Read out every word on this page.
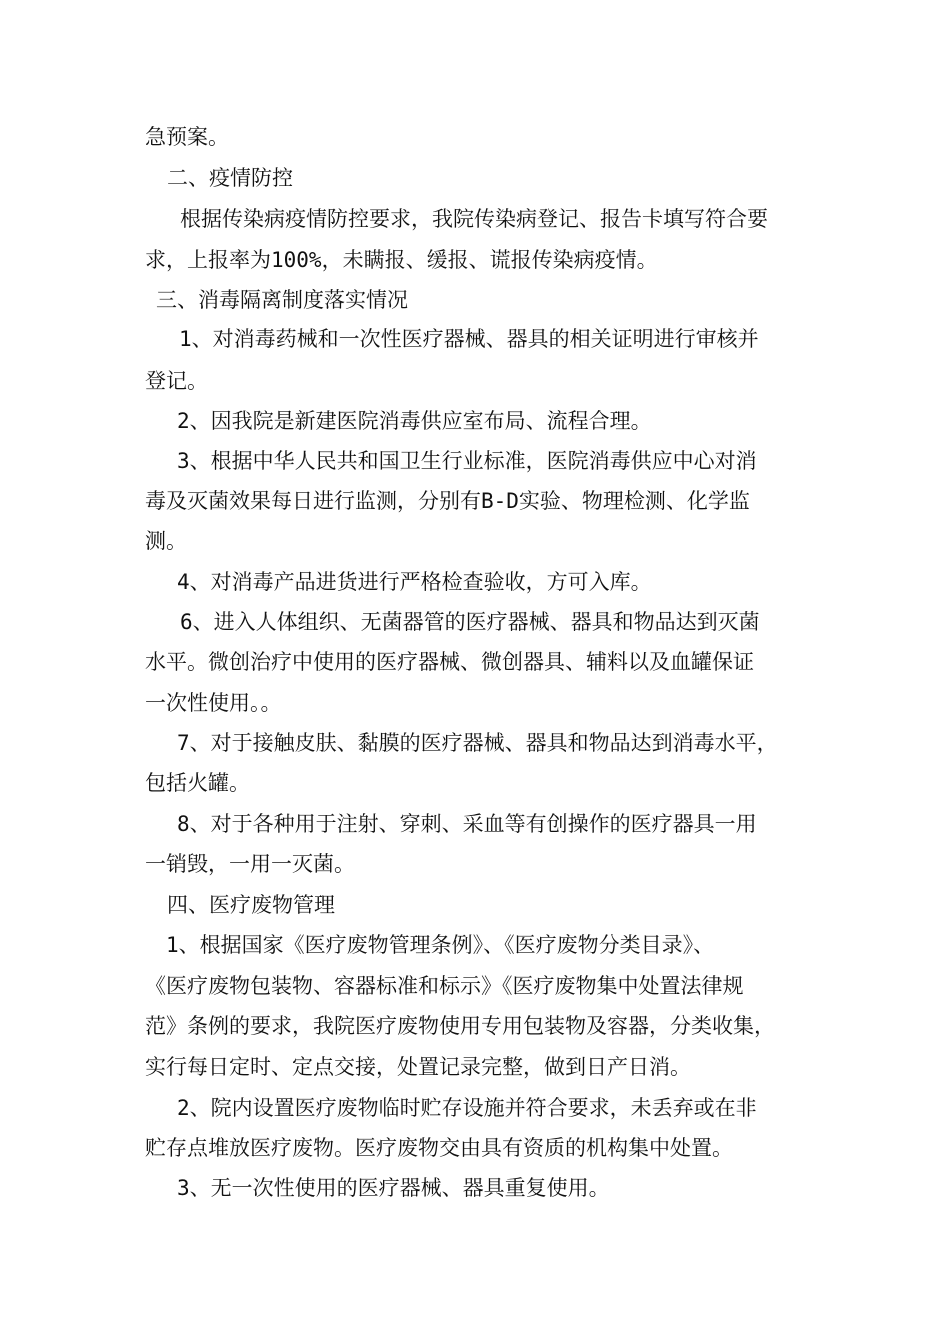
急预案。
二、疫情防控
根据传染病疫情防控要求，我院传染病登记、报告卡填写符合要
求，上报率为100%，未瞒报、缓报、谎报传染病疫情。
三、消毒隔离制度落实情况
1、对消毒药械和一次性医疗器械、器具的相关证明进行审核并
登记。
2、因我院是新建医院消毒供应室布局、流程合理。
3、根据中华人民共和国卫生行业标准，医院消毒供应中心对消
毒及灭菌效果每日进行监测，分别有B-D实验、物理检测、化学监
测。
4、对消毒产品进货进行严格检查验收，方可入库。
6、进入人体组织、无菌器管的医疗器械、器具和物品达到灭菌
水平。微创治疗中使用的医疗器械、微创器具、辅料以及血罐保证
一次性使用。。
7、对于接触皮肤、黏膜的医疗器械、器具和物品达到消毒水平，
包括火罐。
8、对于各种用于注射、穿刺、采血等有创操作的医疗器具一用
一销毁，一用一灭菌。
四、医疗废物管理
1、根据国家《医疗废物管理条例》、《医疗废物分类目录》、
《医疗废物包装物、容器标准和标示》《医疗废物集中处置法律规
范》条例的要求，我院医疗废物使用专用包装物及容器，分类收集，
实行每日定时、定点交接，处置记录完整，做到日产日消。
2、院内设置医疗废物临时贮存设施并符合要求，未丢弃或在非
贮存点堆放医疗废物。医疗废物交由具有资质的机构集中处置。
3、无一次性使用的医疗器械、器具重复使用。
